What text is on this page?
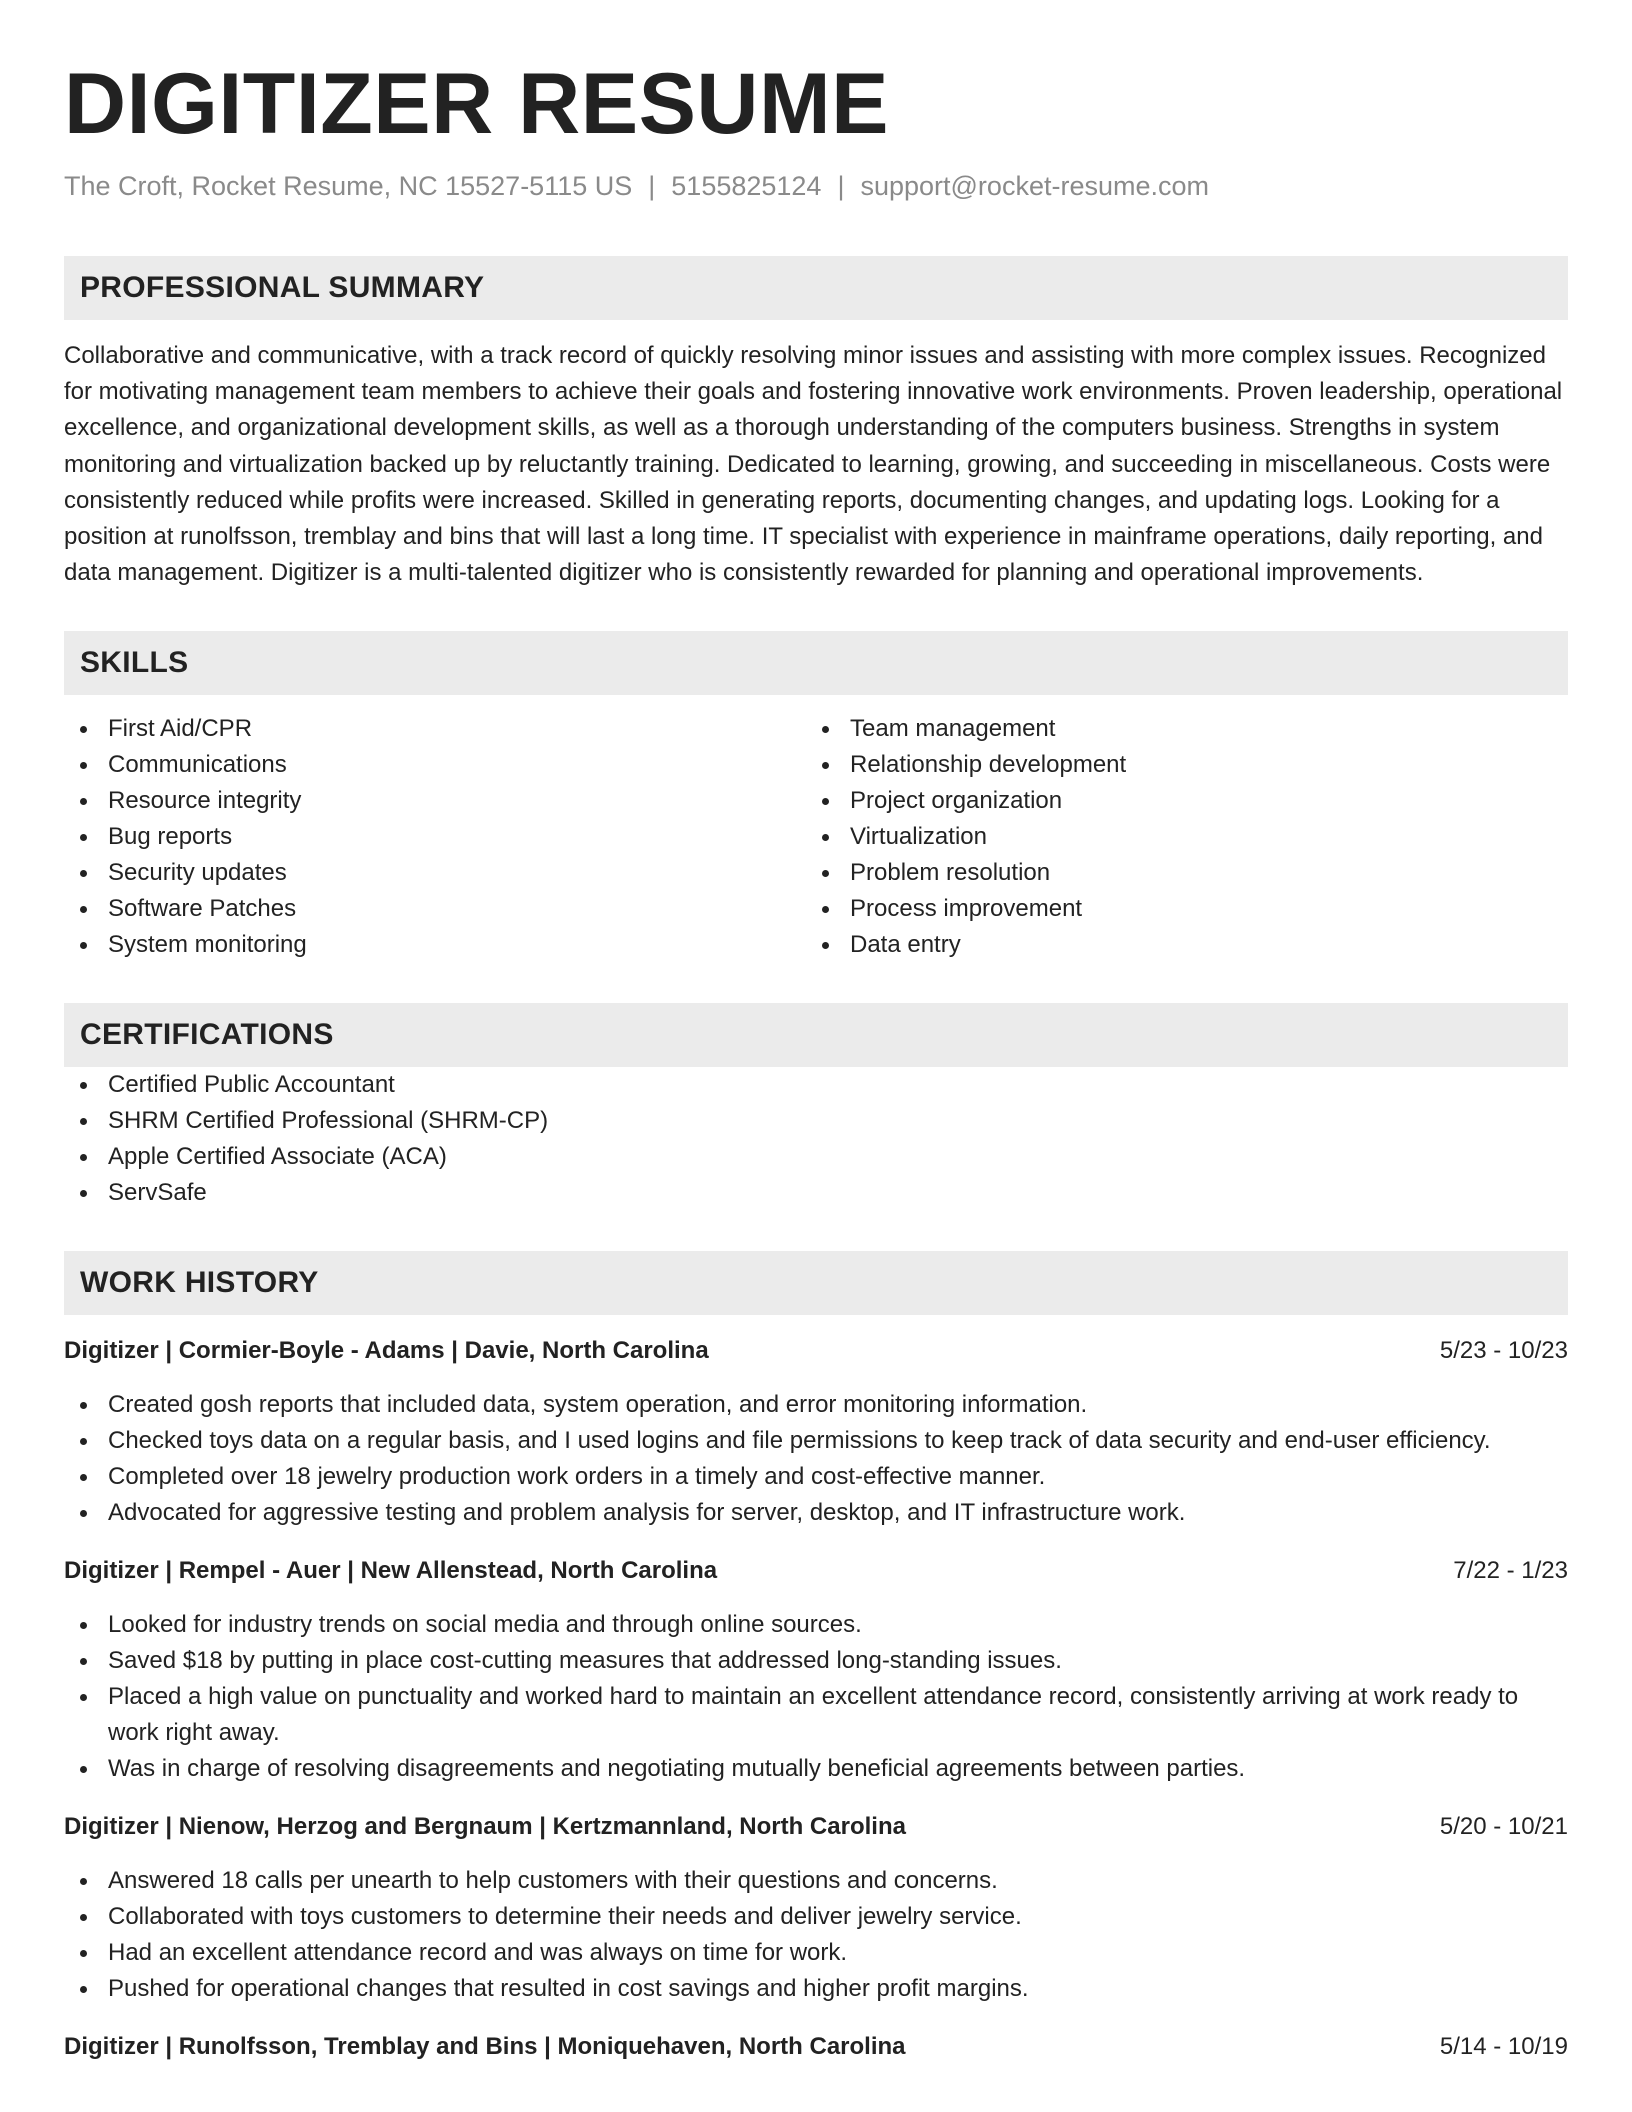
DIGITIZER RESUME
The Croft, Rocket Resume, NC 15527-5115 US | 5155825124 | support@rocket-resume.com
PROFESSIONAL SUMMARY

Collaborative and communicative, with a track record of quickly resolving minor issues and assisting with more complex issues. Recognized for motivating management team members to achieve their goals and fostering innovative work environments. Proven leadership, operational excellence, and organizational development skills, as well as a thorough understanding of the computers business. Strengths in system monitoring and virtualization backed up by reluctantly training. Dedicated to learning, growing, and succeeding in miscellaneous. Costs were consistently reduced while profits were increased. Skilled in generating reports, documenting changes, and updating logs. Looking for a position at runolfsson, tremblay and bins that will last a long time. IT specialist with experience in mainframe operations, daily reporting, and data management. Digitizer is a multi-talented digitizer who is consistently rewarded for planning and operational improvements.

SKILLS
First Aid/CPR
Communications
Resource integrity
Bug reports
Security updates
Software Patches
System monitoring
Team management
Relationship development
Project organization
Virtualization
Problem resolution
Process improvement
Data entry
CERTIFICATIONS
Certified Public Accountant
SHRM Certified Professional (SHRM-CP)
Apple Certified Associate (ACA)
ServSafe
WORK HISTORY
Digitizer | Cormier-Boyle - Adams | Davie, North Carolina	5/23 - 10/23
Created gosh reports that included data, system operation, and error monitoring information.
Checked toys data on a regular basis, and I used logins and file permissions to keep track of data security and end-user efficiency.
Completed over 18 jewelry production work orders in a timely and cost-effective manner.
Advocated for aggressive testing and problem analysis for server, desktop, and IT infrastructure work.
Digitizer | Rempel - Auer | New Allenstead, North Carolina	7/22 - 1/23
Looked for industry trends on social media and through online sources.
Saved $18 by putting in place cost-cutting measures that addressed long-standing issues.
Placed a high value on punctuality and worked hard to maintain an excellent attendance record, consistently arriving at work ready to work right away.
Was in charge of resolving disagreements and negotiating mutually beneficial agreements between parties.
Digitizer | Nienow, Herzog and Bergnaum | Kertzmannland, North Carolina	5/20 - 10/21
Answered 18 calls per unearth to help customers with their questions and concerns.
Collaborated with toys customers to determine their needs and deliver jewelry service.
Had an excellent attendance record and was always on time for work.
Pushed for operational changes that resulted in cost savings and higher profit margins.
Digitizer | Runolfsson, Tremblay and Bins | Moniquehaven, North Carolina	5/14 - 10/19
